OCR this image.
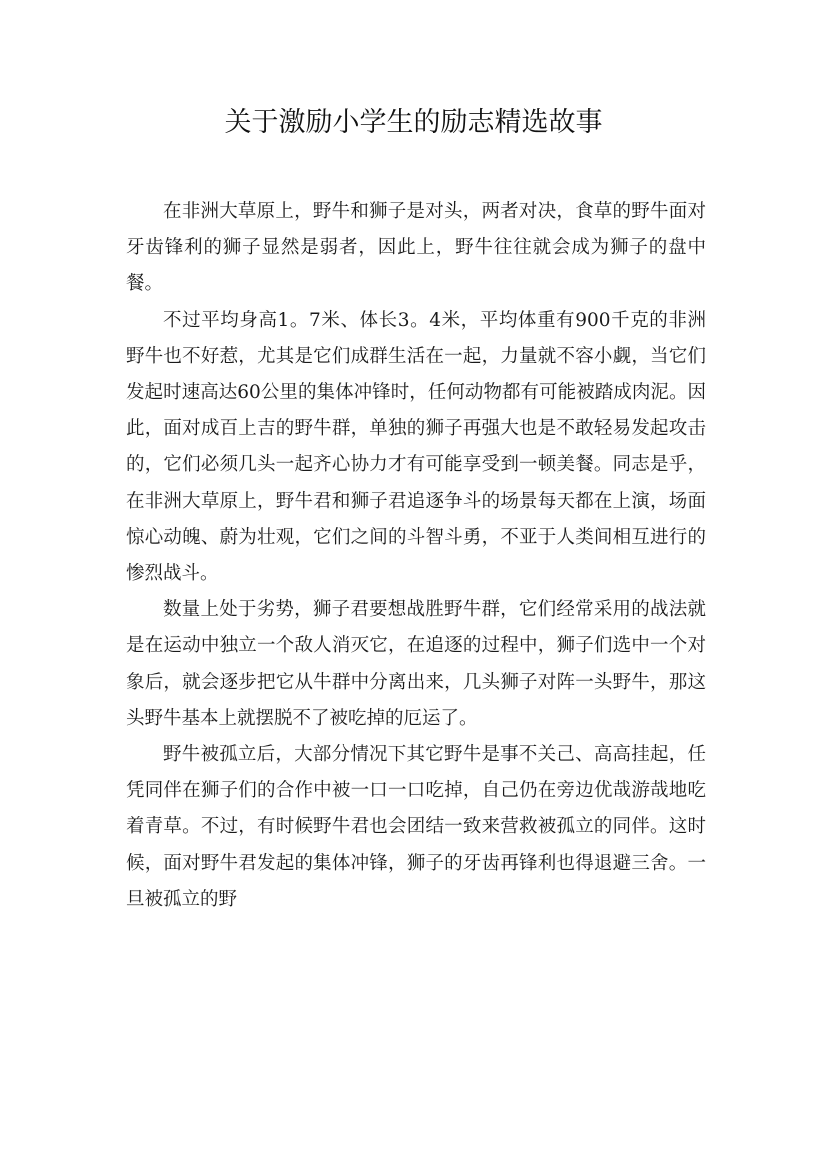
关于激励小学生的励志精选故事

在非洲大草原上，野牛和狮子是对头，两者对决，食草的野牛面对牙齿锋利的狮子显然是弱者，因此上，野牛往往就会成为狮子的盘中餐。

不过平均身高1。7米、体长3。4米，平均体重有900千克的非洲野牛也不好惹，尤其是它们成群生活在一起，力量就不容小觑，当它们发起时速高达60公里的集体冲锋时，任何动物都有可能被踏成肉泥。因此，面对成百上吉的野牛群，单独的狮子再强大也是不敢轻易发起攻击的，它们必须几头一起齐心协力才有可能享受到一顿美餐。同志是乎，在非洲大草原上，野牛君和狮子君追逐争斗的场景每天都在上演，场面惊心动魄、蔚为壮观，它们之间的斗智斗勇，不亚于人类间相互进行的惨烈战斗。

数量上处于劣势，狮子君要想战胜野牛群，它们经常采用的战法就是在运动中独立一个敌人消灭它，在追逐的过程中，狮子们选中一个对象后，就会逐步把它从牛群中分离出来，几头狮子对阵一头野牛，那这头野牛基本上就摆脱不了被吃掉的厄运了。

野牛被孤立后，大部分情况下其它野牛是事不关己、高高挂起，任凭同伴在狮子们的合作中被一口一口吃掉，自己仍在旁边优哉游哉地吃着青草。不过，有时候野牛君也会团结一致来营救被孤立的同伴。这时候，面对野牛君发起的集体冲锋，狮子的牙齿再锋利也得退避三舍。一旦被孤立的野
